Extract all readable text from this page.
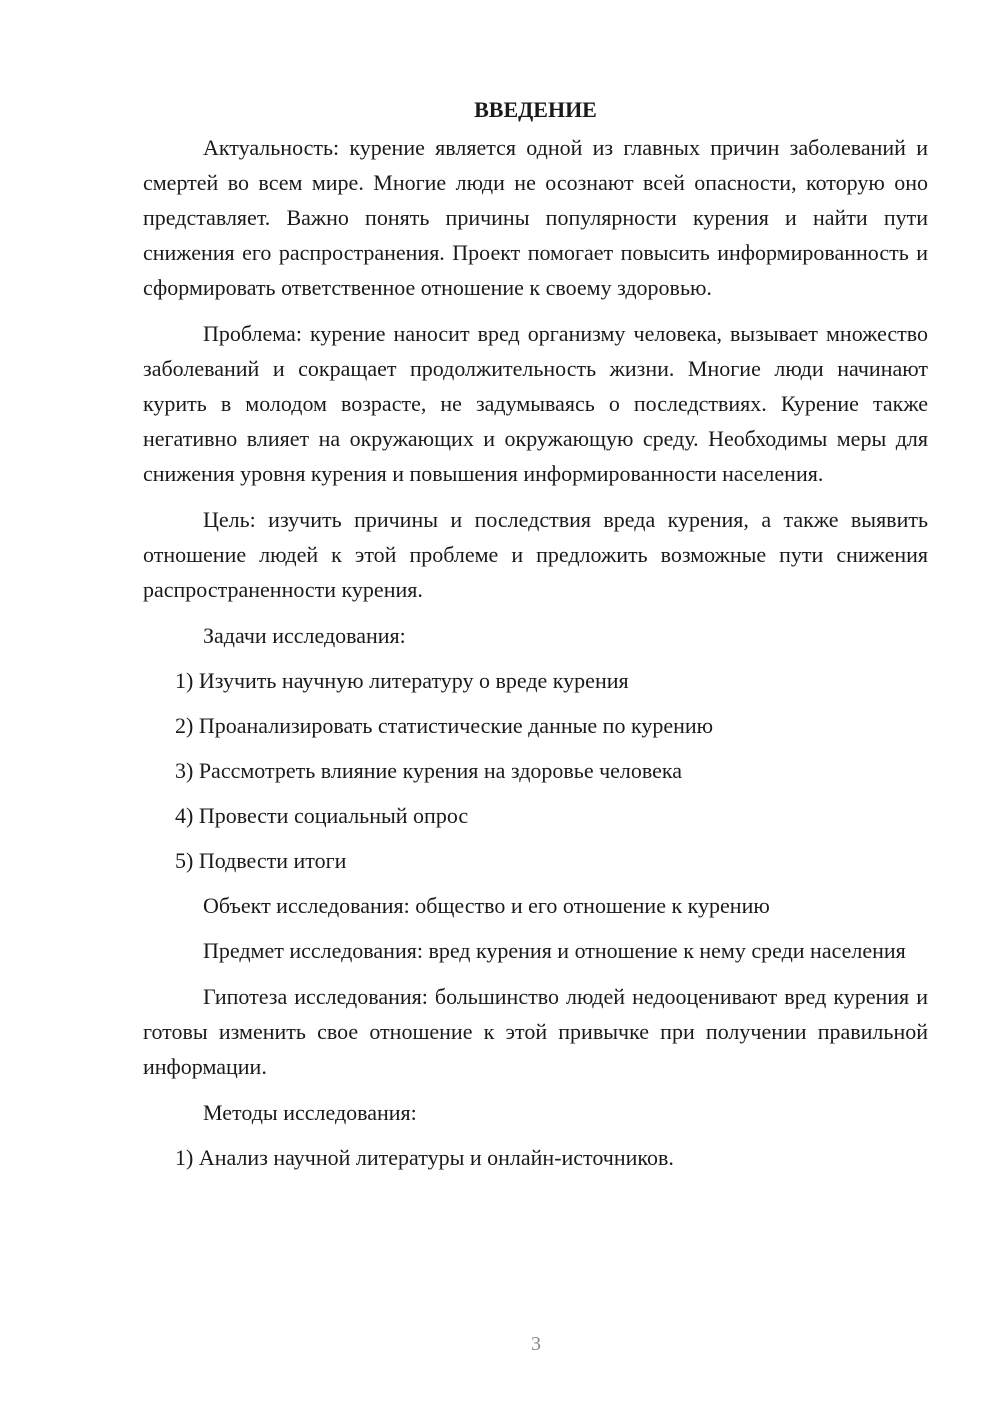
ВВЕДЕНИЕ

Актуальность: курение является одной из главных причин заболеваний и смертей во всем мире. Многие люди не осознают всей опасности, которую оно представляет. Важно понять причины популярности курения и найти пути снижения его распространения. Проект помогает повысить информированность и сформировать ответственное отношение к своему здоровью.

Проблема: курение наносит вред организму человека, вызывает множество заболеваний и сокращает продолжительность жизни. Многие люди начинают курить в молодом возрасте, не задумываясь о последствиях. Курение также негативно влияет на окружающих и окружающую среду. Необходимы меры для снижения уровня курения и повышения информированности населения.

Цель: изучить причины и последствия вреда курения, а также выявить отношение людей к этой проблеме и предложить возможные пути снижения распространенности курения.

Задачи исследования:

1) Изучить научную литературу о вреде курения

2) Проанализировать статистические данные по курению

3) Рассмотреть влияние курения на здоровье человека

4) Провести социальный опрос

5) Подвести итоги

Объект исследования: общество и его отношение к курению

Предмет исследования: вред курения и отношение к нему среди населения

Гипотеза исследования: большинство людей недооценивают вред курения и готовы изменить свое отношение к этой привычке при получении правильной информации.

Методы исследования:

1) Анализ научной литературы и онлайн-источников.

3
